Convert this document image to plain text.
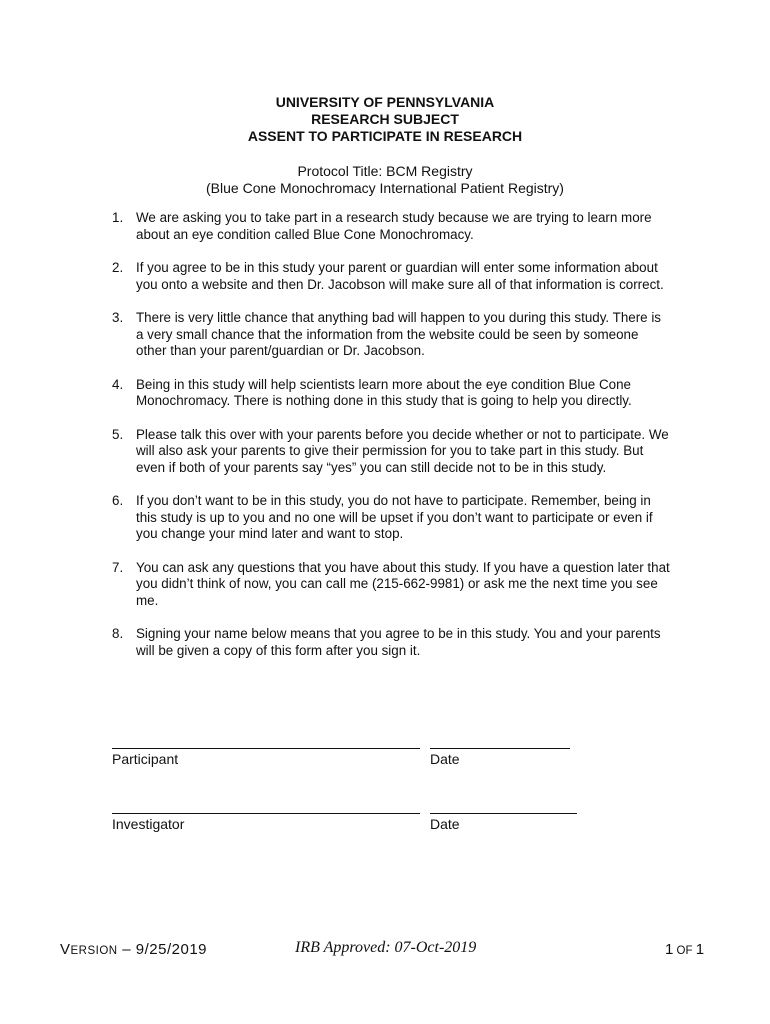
UNIVERSITY OF PENNSYLVANIA
RESEARCH SUBJECT
ASSENT TO PARTICIPATE IN RESEARCH
Protocol Title: BCM Registry
(Blue Cone Monochromacy International Patient Registry)
1. We are asking you to take part in a research study because we are trying to learn more about an eye condition called Blue Cone Monochromacy.
2. If you agree to be in this study your parent or guardian will enter some information about you onto a website and then Dr. Jacobson will make sure all of that information is correct.
3. There is very little chance that anything bad will happen to you during this study. There is a very small chance that the information from the website could be seen by someone other than your parent/guardian or Dr. Jacobson.
4. Being in this study will help scientists learn more about the eye condition Blue Cone Monochromacy. There is nothing done in this study that is going to help you directly.
5. Please talk this over with your parents before you decide whether or not to participate. We will also ask your parents to give their permission for you to take part in this study. But even if both of your parents say “yes” you can still decide not to be in this study.
6. If you don’t want to be in this study, you do not have to participate. Remember, being in this study is up to you and no one will be upset if you don’t want to participate or even if you change your mind later and want to stop.
7. You can ask any questions that you have about this study. If you have a question later that you didn’t think of now, you can call me (215-662-9981) or ask me the next time you see me.
8. Signing your name below means that you agree to be in this study. You and your parents will be given a copy of this form after you sign it.
Participant	Date
Investigator	Date
VERSION – 9/25/2019	IRB Approved: 07-Oct-2019	1 OF 1
